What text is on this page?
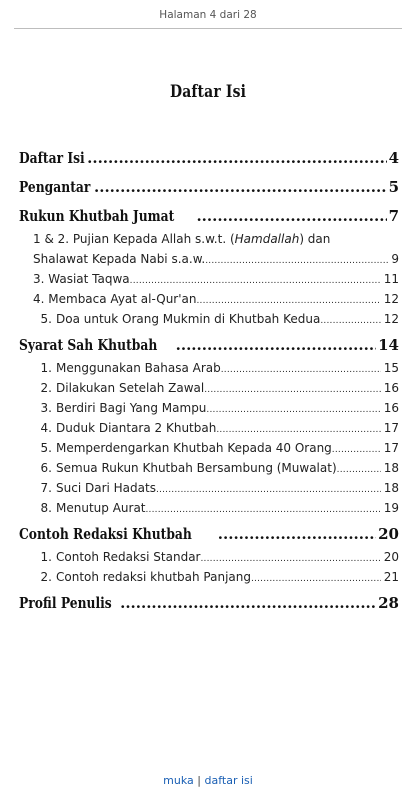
Halaman 4 dari 28
Daftar Isi
Daftar Isi .....	4
Pengantar .....	5
Rukun Khutbah Jumat .....	7
1 & 2. Pujian Kepada Allah s.w.t. (Hamdallah) dan
Shalawat Kepada Nabi s.a.w. .....	9
3. Wasiat Taqwa .....	11
4. Membaca Ayat al-Qur'an .....	12
5. Doa untuk Orang Mukmin di Khutbah Kedua .....	12
Syarat Sah Khutbah .....	14
1. Menggunakan Bahasa Arab .....	15
2. Dilakukan Setelah Zawal .....	16
3. Berdiri Bagi Yang Mampu .....	16
4. Duduk Diantara 2 Khutbah .....	17
5. Memperdengarkan Khutbah Kepada 40 Orang .....	17
6. Semua Rukun Khutbah Bersambung (Muwalat) .....	18
7. Suci Dari Hadats .....	18
8. Menutup Aurat .....	19
Contoh Redaksi Khutbah .....	20
1. Contoh Redaksi Standar .....	20
2. Contoh redaksi khutbah Panjang .....	21
Profil Penulis .....	28
muka | daftar isi
